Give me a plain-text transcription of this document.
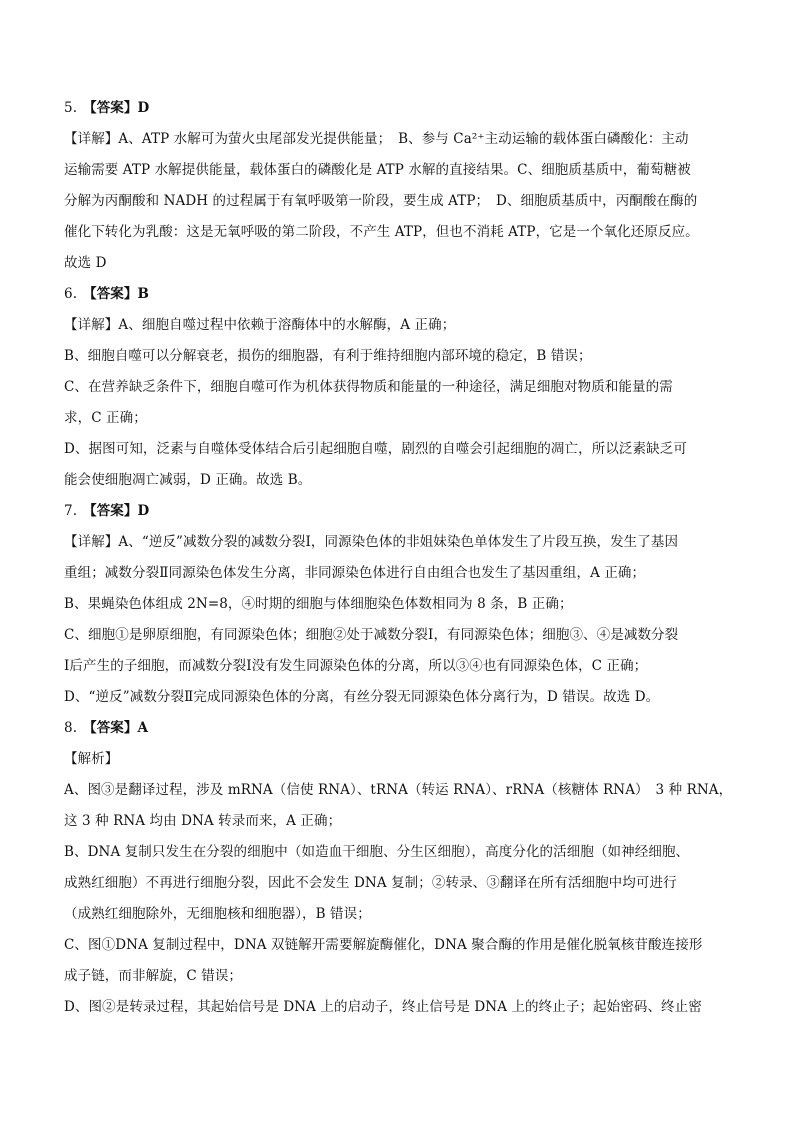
5. 【答案】D
【详解】A、ATP 水解可为萤火虫尾部发光提供能量；　B、参与 Ca²⁺主动运输的载体蛋白磷酸化：主动
运输需要 ATP 水解提供能量，载体蛋白的磷酸化是 ATP 水解的直接结果。C、细胞质基质中，葡萄糖被
分解为丙酮酸和 NADH 的过程属于有氧呼吸第一阶段，要生成 ATP；　D、细胞质基质中，丙酮酸在酶的
催化下转化为乳酸：这是无氧呼吸的第二阶段，不产生 ATP，但也不消耗 ATP，它是一个氧化还原反应。
故选 D
6. 【答案】B
【详解】A、细胞自噬过程中依赖于溶酶体中的水解酶，A 正确；
B、细胞自噬可以分解衰老，损伤的细胞器，有利于维持细胞内部环境的稳定，B 错误；
C、在营养缺乏条件下，细胞自噬可作为机体获得物质和能量的一种途径，满足细胞对物质和能量的需
求，C 正确；
D、据图可知，泛素与自噬体受体结合后引起细胞自噬，剧烈的自噬会引起细胞的凋亡，所以泛素缺乏可
能会使细胞凋亡减弱，D 正确。故选 B。
7. 【答案】D
【详解】A、“逆反”减数分裂的减数分裂Ⅰ，同源染色体的非姐妹染色单体发生了片段互换，发生了基因
重组；减数分裂Ⅱ同源染色体发生分离，非同源染色体进行自由组合也发生了基因重组，A 正确；
B、果蝇染色体组成 2N=8，④时期的细胞与体细胞染色体数相同为 8 条，B 正确；
C、细胞①是卵原细胞，有同源染色体；细胞②处于减数分裂Ⅰ，有同源染色体；细胞③、④是减数分裂
Ⅰ后产生的子细胞，而减数分裂Ⅰ没有发生同源染色体的分离，所以③④也有同源染色体，C 正确；
D、“逆反”减数分裂Ⅱ完成同源染色体的分离，有丝分裂无同源染色体分离行为，D 错误。故选 D。
8. 【答案】A
【解析】
A、图③是翻译过程，涉及 mRNA（信使 RNA）、tRNA（转运 RNA）、rRNA（核糖体 RNA）　3 种 RNA，
这 3 种 RNA 均由 DNA 转录而来，A 正确；
B、DNA 复制只发生在分裂的细胞中（如造血干细胞、分生区细胞），高度分化的活细胞（如神经细胞、
成熟红细胞）不再进行细胞分裂，因此不会发生 DNA 复制；②转录、③翻译在所有活细胞中均可进行
（成熟红细胞除外，无细胞核和细胞器），B 错误；
C、图①DNA 复制过程中，DNA 双链解开需要解旋酶催化，DNA 聚合酶的作用是催化脱氧核苷酸连接形
成子链，而非解旋，C 错误；
D、图②是转录过程，其起始信号是 DNA 上的启动子，终止信号是 DNA 上的终止子；起始密码、终止密
